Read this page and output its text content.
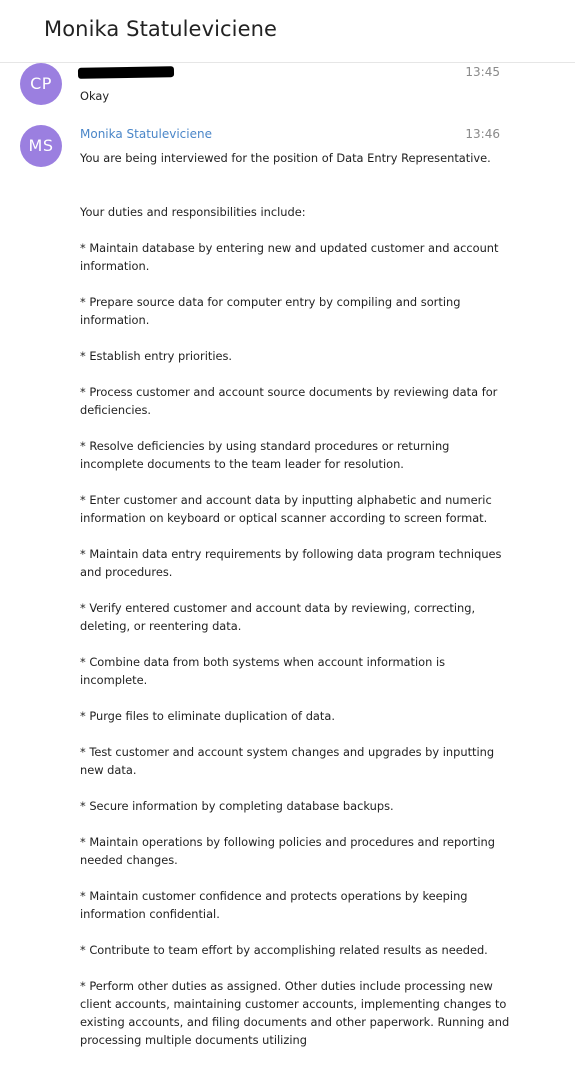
Monika Statuleviciene
CP
13:45

Okay

MS
Monika Statuleviciene	13:46

You are being interviewed for the position of Data Entry Representative.

Your duties and responsibilities include:

* Maintain database by entering new and updated customer and account information.

* Prepare source data for computer entry by compiling and sorting information.

* Establish entry priorities.

* Process customer and account source documents by reviewing data for deficiencies.

* Resolve deficiencies by using standard procedures or returning incomplete documents to the team leader for resolution.

* Enter customer and account data by inputting alphabetic and numeric information on keyboard or optical scanner according to screen format.

* Maintain data entry requirements by following data program techniques and procedures.

* Verify entered customer and account data by reviewing, correcting, deleting, or reentering data.

* Combine data from both systems when account information is incomplete.

* Purge files to eliminate duplication of data.

* Test customer and account system changes and upgrades by inputting new data.

* Secure information by completing database backups.

* Maintain operations by following policies and procedures and reporting needed changes.

* Maintain customer confidence and protects operations by keeping information confidential.

* Contribute to team effort by accomplishing related results as needed.

* Perform other duties as assigned. Other duties include processing new client accounts, maintaining customer accounts, implementing changes to existing accounts, and filing documents and other paperwork. Running and processing multiple documents utilizing
